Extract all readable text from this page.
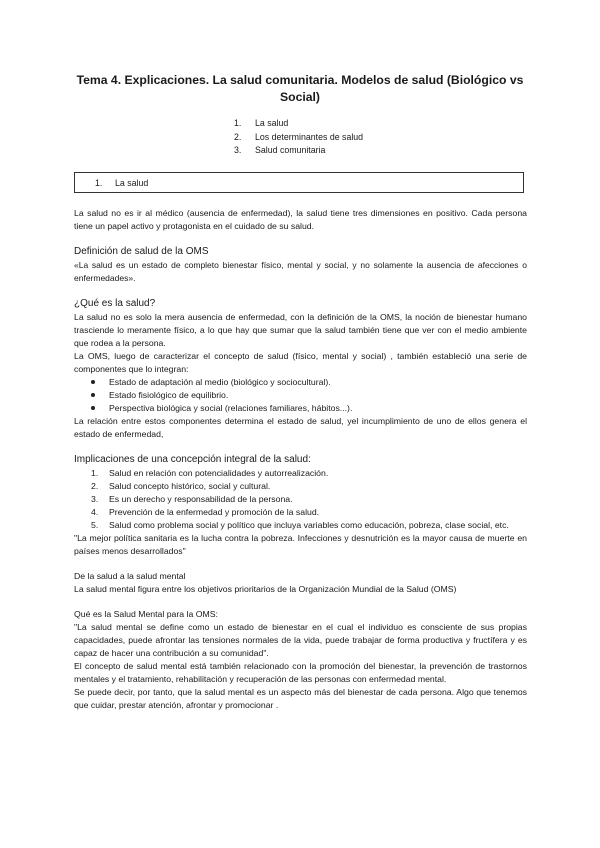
Tema 4. Explicaciones. La salud comunitaria. Modelos de salud (Biológico vs Social)
1.	La salud
2.	Los determinantes de salud
3.	Salud comunitaria
1.	La salud

La salud no es ir al médico (ausencia de enfermedad), la salud tiene tres dimensiones en positivo. Cada persona tiene un papel activo y protagonista en el cuidado de su salud.

Definición de salud de la OMS

«La salud es un estado de completo bienestar físico, mental y social, y no solamente la ausencia de afecciones o enfermedades».

¿Qué es la salud?

La salud no es solo la mera ausencia de enfermedad, con la definición de la OMS, la noción de bienestar humano trasciende lo meramente físico, a lo que hay que sumar que la salud también tiene que ver con el medio ambiente que rodea a la persona.

La OMS, luego de caracterizar el concepto de salud (físico, mental y social) , también estableció una serie de componentes que lo integran:

Estado de adaptación al medio (biológico y sociocultural).
Estado fisiológico de equilibrio.
Perspectiva biológica y social (relaciones familiares, hábitos...).

La relación entre estos componentes determina el estado de salud, yel incumplimiento de uno de ellos genera el estado de enfermedad,

Implicaciones de una concepción integral de la salud:

1. Salud en relación con potencialidades y autorrealización.
2. Salud concepto histórico, social y cultural.
3. Es un derecho y responsabilidad de la persona.
4. Prevención de la enfermedad y promoción de la salud.
5. Salud como problema social y político que incluya variables como educación, pobreza, clase social, etc.

"La mejor política sanitaria es la lucha contra la pobreza. Infecciones y desnutrición es la mayor causa de muerte en países menos desarrollados"

De la salud a la salud mental

La salud mental figura entre los objetivos prioritarios de la Organización Mundial de la Salud (OMS)

Qué es la Salud Mental para la OMS:

"La salud mental se define como un estado de bienestar en el cual el individuo es consciente de sus propias capacidades, puede afrontar las tensiones normales de la vida, puede trabajar de forma productiva y fructífera y es capaz de hacer una contribución a su comunidad".

El concepto de salud mental está también relacionado con la promoción del bienestar, la prevención de trastornos mentales y el tratamiento, rehabilitación y recuperación de las personas con enfermedad mental.

Se puede decir, por tanto, que la salud mental es un aspecto más del bienestar de cada persona. Algo que tenemos que cuidar, prestar atención, afrontar y promocionar .
